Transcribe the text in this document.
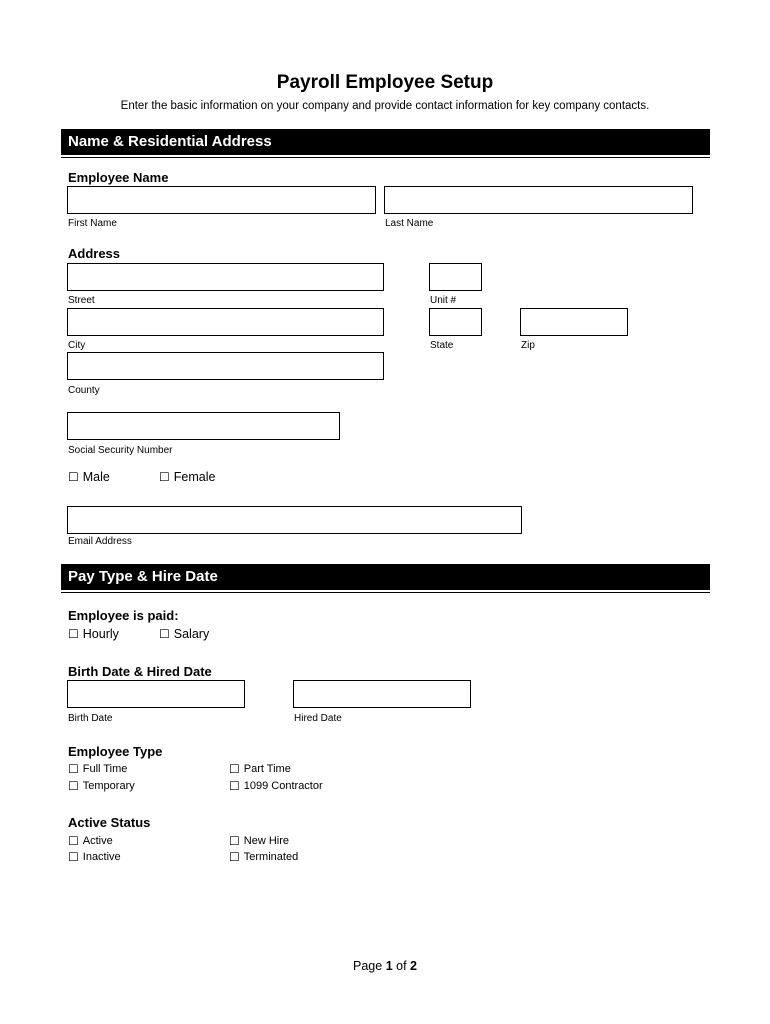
Payroll Employee Setup
Enter the basic information on your company and provide contact information for key company contacts.
Name & Residential Address
Employee Name
First Name	Last Name
Address
Street	Unit #
City	State	Zip
County
Social Security Number
☐ Male	☐ Female
Email Address
Pay Type & Hire Date
Employee is paid:
☐ Hourly	☐ Salary
Birth Date & Hired Date
Birth Date	Hired Date
Employee Type
☐ Full Time	☐ Part Time
☐ Temporary	☐ 1099 Contractor
Active Status
☐ Active	☐ New Hire
☐ Inactive	☐ Terminated
Page 1 of 2
